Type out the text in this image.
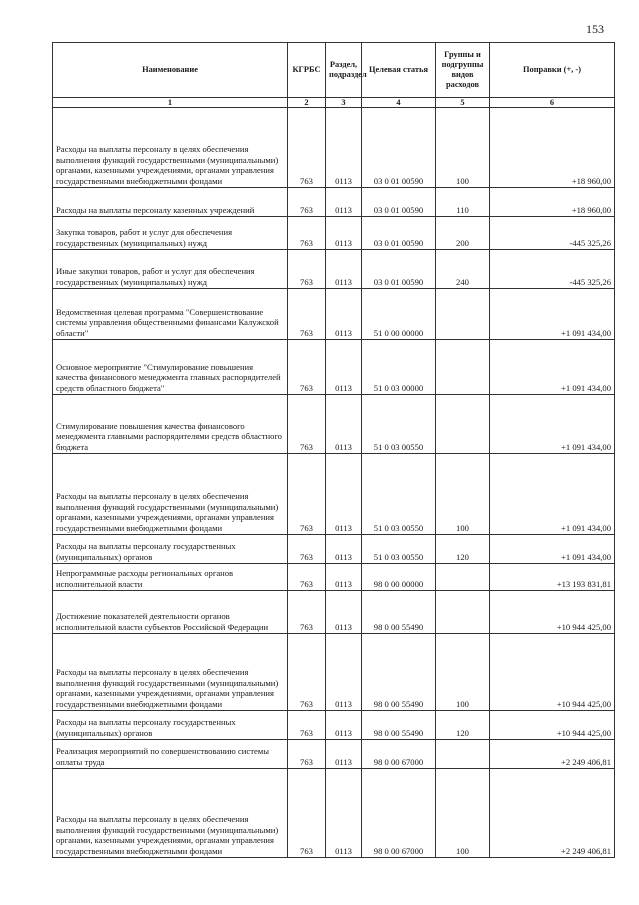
153
Наименование	КГРБС	Раздел, подраздел	Целевая статья	Группы и подгруппы видов расходов	Поправки (+, -)
1	2	3	4	5	6
Расходы на выплаты персоналу в целях обеспечения выполнения функций государственными (муниципальными) органами, казенными учреждениями, органами управления государственными внебюджетными фондами	763	0113	03 0 01 00590	100	+18 960,00
Расходы на выплаты персоналу казенных учреждений	763	0113	03 0 01 00590	110	+18 960,00
Закупка товаров, работ и услуг для обеспечения государственных (муниципальных) нужд	763	0113	03 0 01 00590	200	-445 325,26
Иные закупки товаров, работ и услуг для обеспечения государственных (муниципальных) нужд	763	0113	03 0 01 00590	240	-445 325,26
Ведомственная целевая программа "Совершенствование системы управления общественными финансами Калужской области"	763	0113	51 0 00 00000		+1 091 434,00
Основное мероприятие "Стимулирование повышения качества финансового менеджмента главных распорядителей средств областного бюджета"	763	0113	51 0 03 00000		+1 091 434,00
Стимулирование повышения качества финансового менеджмента главными распорядителями средств областного бюджета	763	0113	51 0 03 00550		+1 091 434,00
Расходы на выплаты персоналу в целях обеспечения выполнения функций государственными (муниципальными) органами, казенными учреждениями, органами управления государственными внебюджетными фондами	763	0113	51 0 03 00550	100	+1 091 434,00
Расходы на выплаты персоналу государственных (муниципальных) органов	763	0113	51 0 03 00550	120	+1 091 434,00
Непрограммные расходы региональных органов исполнительной власти	763	0113	98 0 00 00000		+13 193 831,81
Достижение показателей деятельности органов исполнительной власти субъектов Российской Федерации	763	0113	98 0 00 55490		+10 944 425,00
Расходы на выплаты персоналу в целях обеспечения выполнения функций государственными (муниципальными) органами, казенными учреждениями, органами управления государственными внебюджетными фондами	763	0113	98 0 00 55490	100	+10 944 425,00
Расходы на выплаты персоналу государственных (муниципальных) органов	763	0113	98 0 00 55490	120	+10 944 425,00
Реализация мероприятий по совершенствованию системы оплаты труда	763	0113	98 0 00 67000		+2 249 406,81
Расходы на выплаты персоналу в целях обеспечения выполнения функций государственными (муниципальными) органами, казенными учреждениями, органами управления государственными внебюджетными фондами	763	0113	98 0 00 67000	100	+2 249 406,81
